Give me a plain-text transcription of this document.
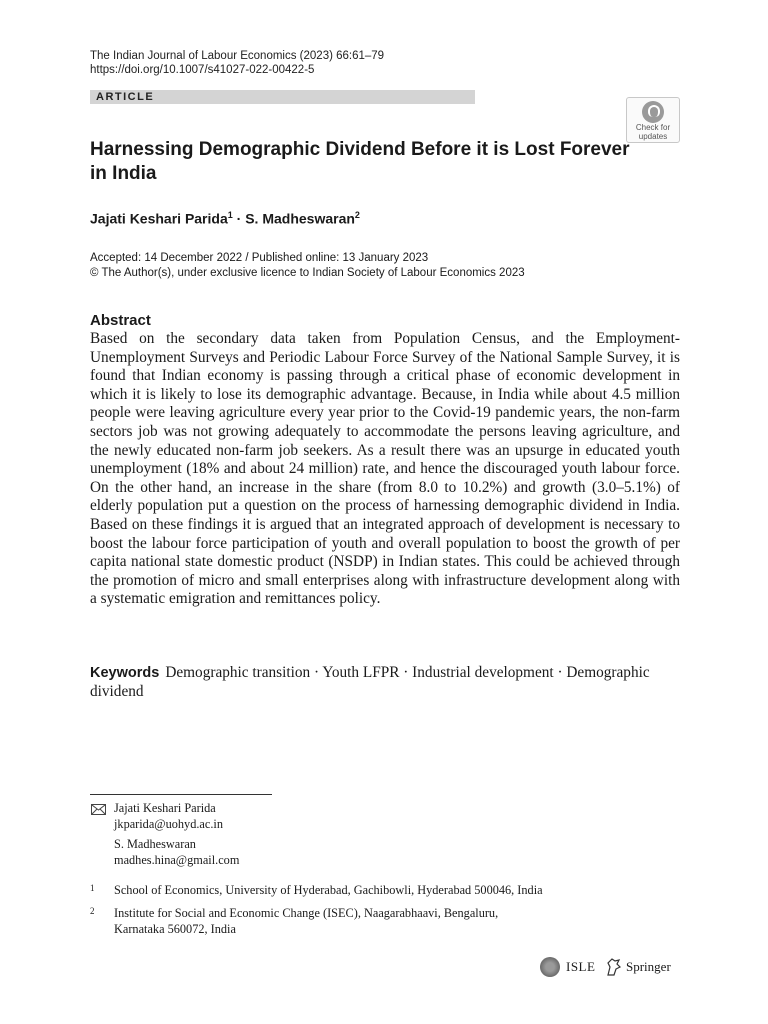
The Indian Journal of Labour Economics (2023) 66:61–79
https://doi.org/10.1007/s41027-022-00422-5
ARTICLE
Check for
updates
Harnessing Demographic Dividend Before it is Lost Forever in India
Jajati Keshari Parida$^1$ · S. Madheswaran$^2$
Accepted: 14 December 2022 / Published online: 13 January 2023
© The Author(s), under exclusive licence to Indian Society of Labour Economics 2023
Abstract
Based on the secondary data taken from Population Census, and the Employment-Unemployment Surveys and Periodic Labour Force Survey of the National Sample Survey, it is found that Indian economy is passing through a critical phase of economic development in which it is likely to lose its demographic advantage. Because, in India while about 4.5 million people were leaving agriculture every year prior to the Covid-19 pandemic years, the non-farm sectors job was not growing adequately to accommodate the persons leaving agriculture, and the newly educated non-farm job seekers. As a result there was an upsurge in educated youth unemployment (18% and about 24 million) rate, and hence the discouraged youth labour force. On the other hand, an increase in the share (from 8.0 to 10.2%) and growth (3.0–5.1%) of elderly population put a question on the process of harnessing demographic dividend in India. Based on these findings it is argued that an integrated approach of development is necessary to boost the labour force participation of youth and overall population to boost the growth of per capita national state domestic product (NSDP) in Indian states. This could be achieved through the promotion of micro and small enterprises along with infrastructure development along with a systematic emigration and remittances policy.
Keywords Demographic transition · Youth LFPR · Industrial development · Demographic dividend
Jajati Keshari Parida
jkparida@uohyd.ac.in
S. Madheswaran
madhes.hina@gmail.com
1 School of Economics, University of Hyderabad, Gachibowli, Hyderabad 500046, India
2 Institute for Social and Economic Change (ISEC), Naagarabhaavi, Bengaluru,
Karnataka 560072, India
ISLE Springer
